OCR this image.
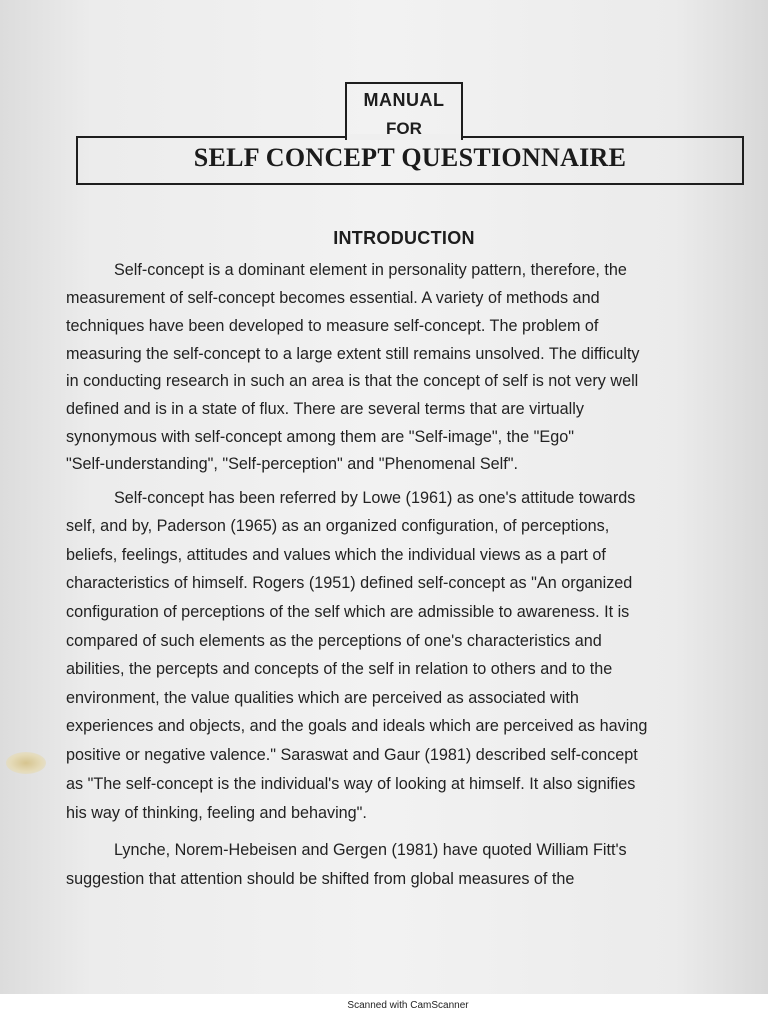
MANUAL
FOR
SELF CONCEPT QUESTIONNAIRE
INTRODUCTION
Self-concept is a dominant element in personality pattern, therefore, the
measurement of self-concept becomes essential. A variety of methods and
techniques have been developed to measure self-concept. The problem of
measuring the self-concept to a large extent still remains unsolved. The difficulty
in conducting research in such an area is that the concept of self is not very well
defined and is in a state of flux. There are several terms that are virtually
synonymous with self-concept among them are "Self-image", the "Ego"
"Self-understanding", "Self-perception" and "Phenomenal Self".
Self-concept has been referred by Lowe (1961) as one's attitude towards
self, and by, Paderson (1965) as an organized configuration, of perceptions,
beliefs, feelings, attitudes and values which the individual views as a part of
characteristics of himself. Rogers (1951) defined self-concept as "An organized
configuration of perceptions of the self which are admissible to awareness. It is
compared of such elements as the perceptions of one's characteristics and
abilities, the percepts and concepts of the self in relation to others and to the
environment, the value qualities which are perceived as associated with
experiences and objects, and the goals and ideals which are perceived as having
positive or negative valence." Saraswat and Gaur (1981) described self-concept
as "The self-concept is the individual's way of looking at himself. It also signifies
his way of thinking, feeling and behaving".
Lynche, Norem-Hebeisen and Gergen (1981) have quoted William Fitt's
suggestion that attention should be shifted from global measures of the
Scanned with CamScanner
